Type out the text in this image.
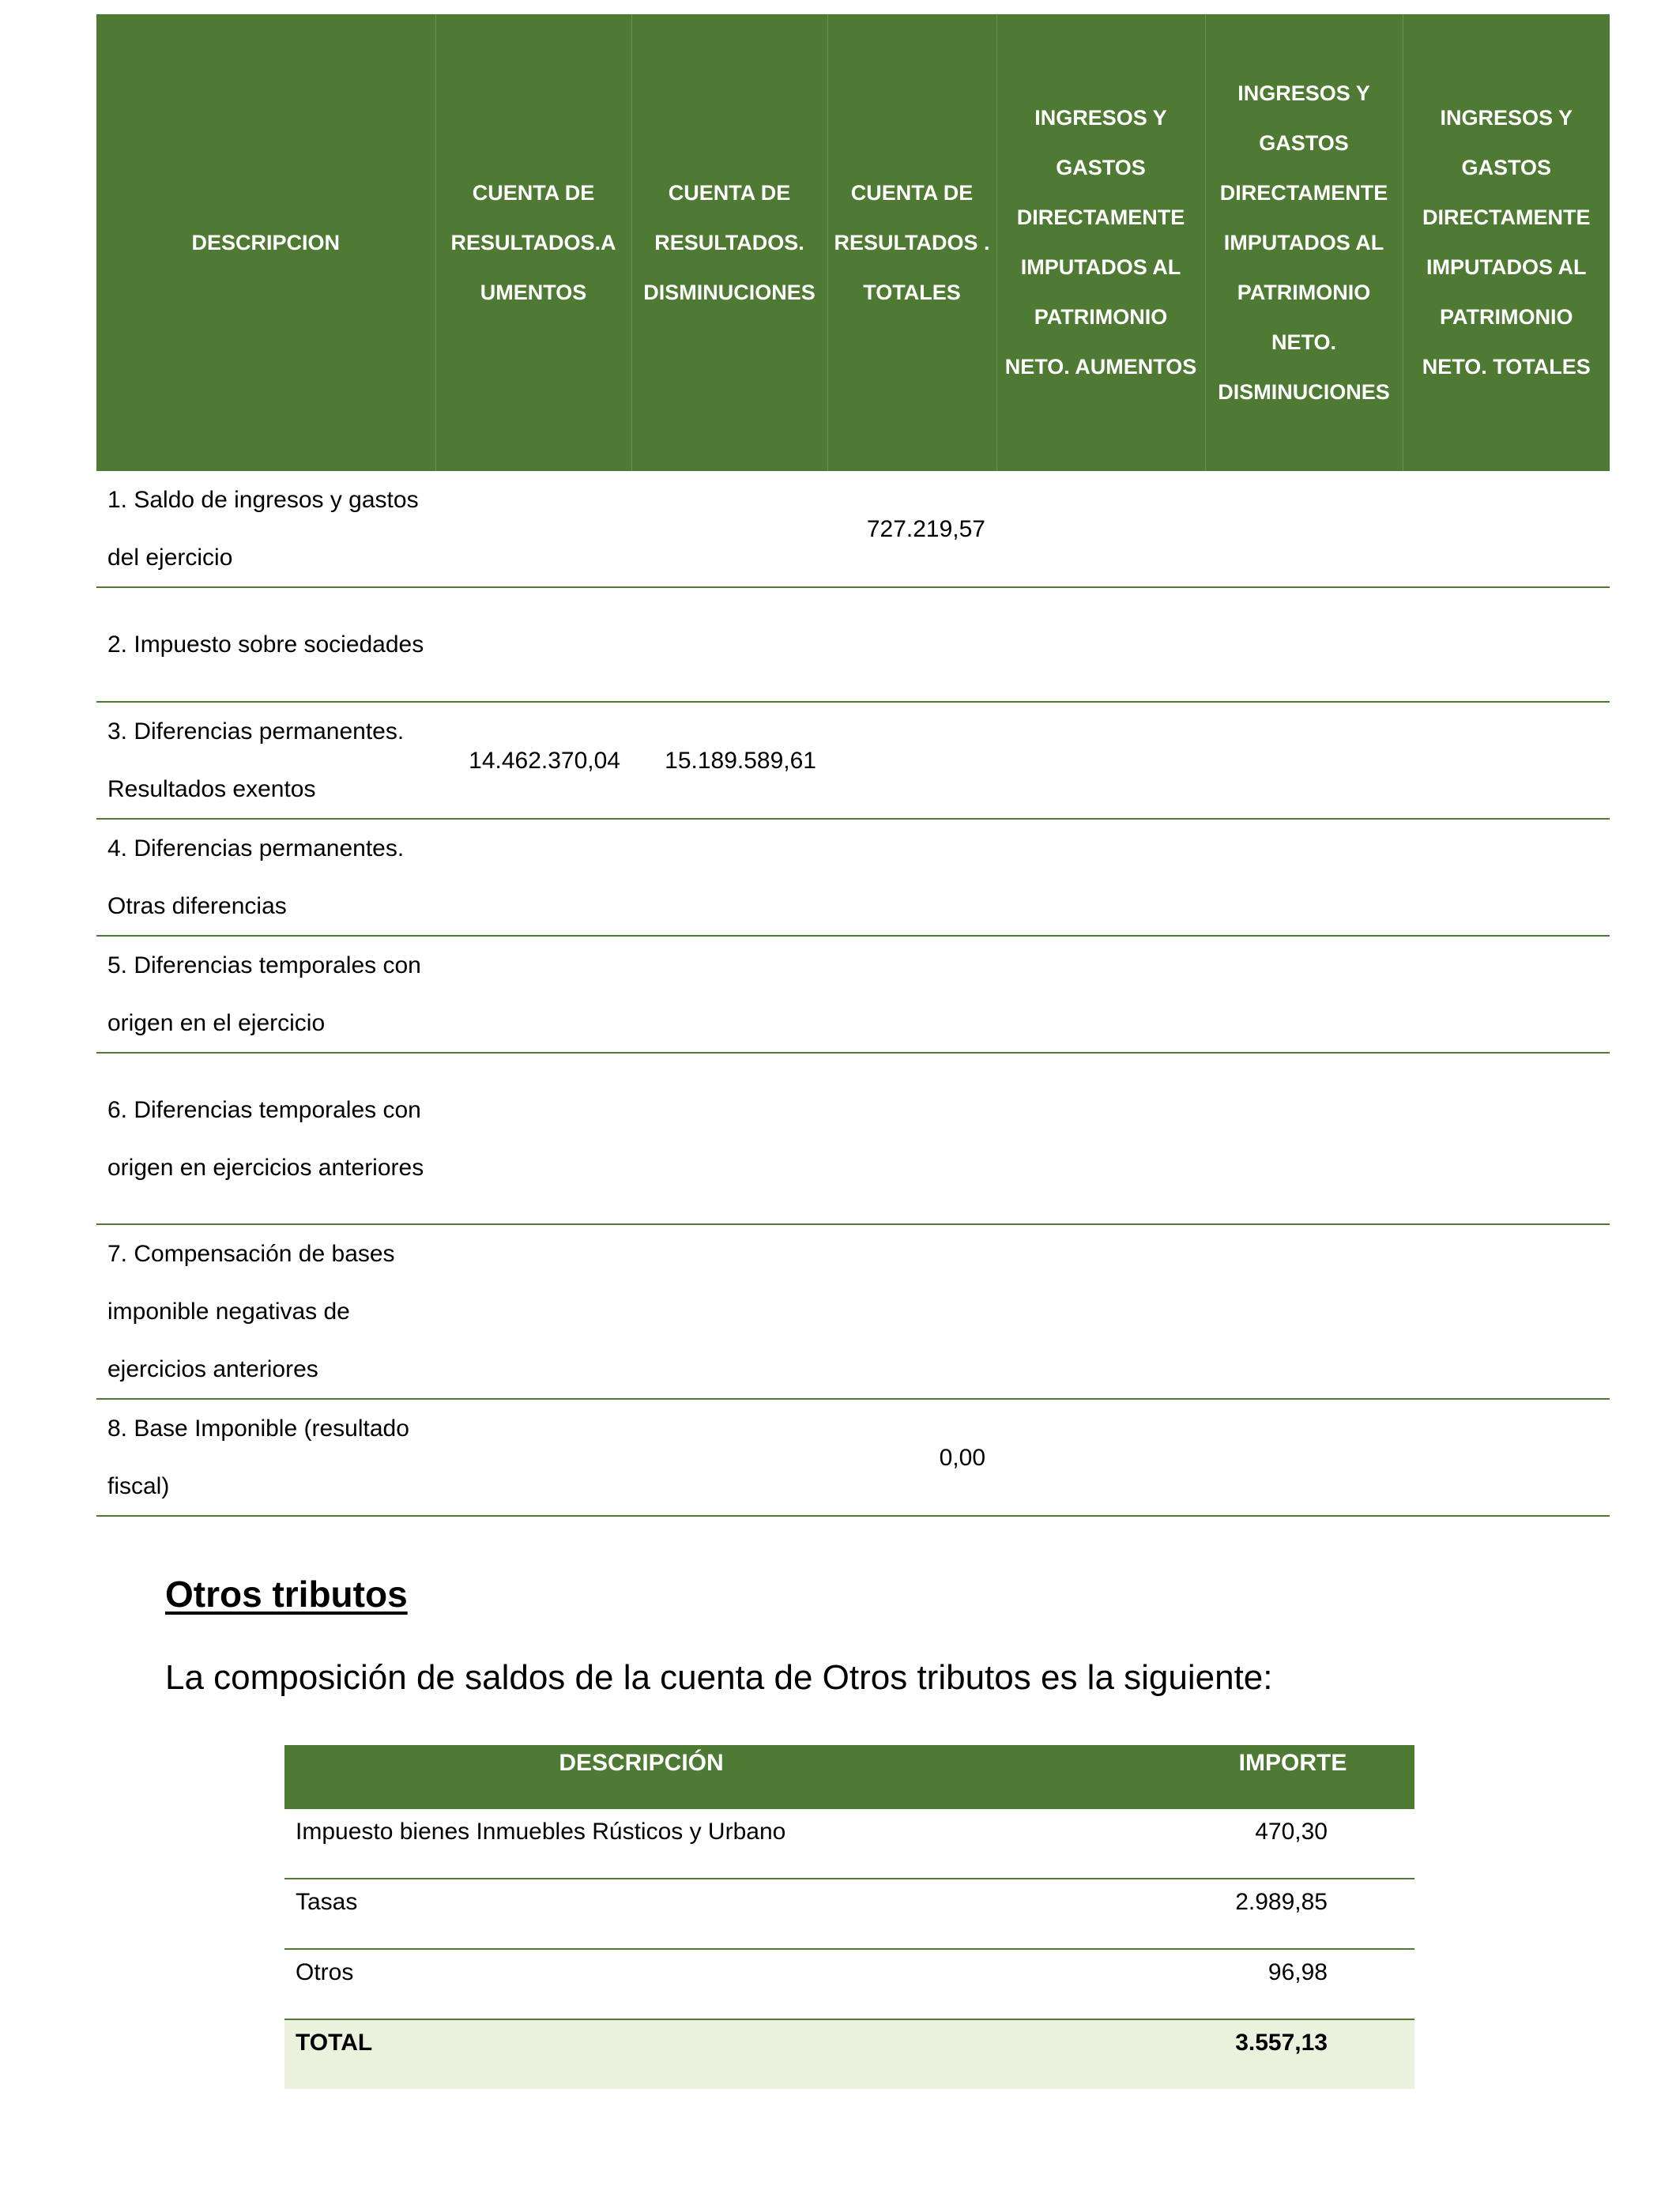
DESCRIPCION	CUENTA DE RESULTADOS.A UMENTOS	CUENTA DE RESULTADOS. DISMINUCIONES	CUENTA DE RESULTADOS . TOTALES	INGRESOS Y GASTOS DIRECTAMENTE IMPUTADOS AL PATRIMONIO NETO. AUMENTOS	INGRESOS Y GASTOS DIRECTAMENTE IMPUTADOS AL PATRIMONIO NETO. DISMINUCIONES	INGRESOS Y GASTOS DIRECTAMENTE IMPUTADOS AL PATRIMONIO NETO. TOTALES
1. Saldo de ingresos y gastos del ejercicio			727.219,57			
2. Impuesto sobre sociedades						
3. Diferencias permanentes. Resultados exentos	14.462.370,04	15.189.589,61				
4. Diferencias permanentes. Otras diferencias						
5. Diferencias temporales con origen en el ejercicio						
6. Diferencias temporales con origen en ejercicios anteriores						
7. Compensación de bases imponible negativas de ejercicios anteriores						
8. Base Imponible (resultado fiscal)			0,00			
Otros tributos

La composición de saldos de la cuenta de Otros tributos es la siguiente:

DESCRIPCIÓN	IMPORTE
Impuesto bienes Inmuebles Rústicos y Urbano	470,30
Tasas	2.989,85
Otros	96,98
TOTAL	3.557,13
